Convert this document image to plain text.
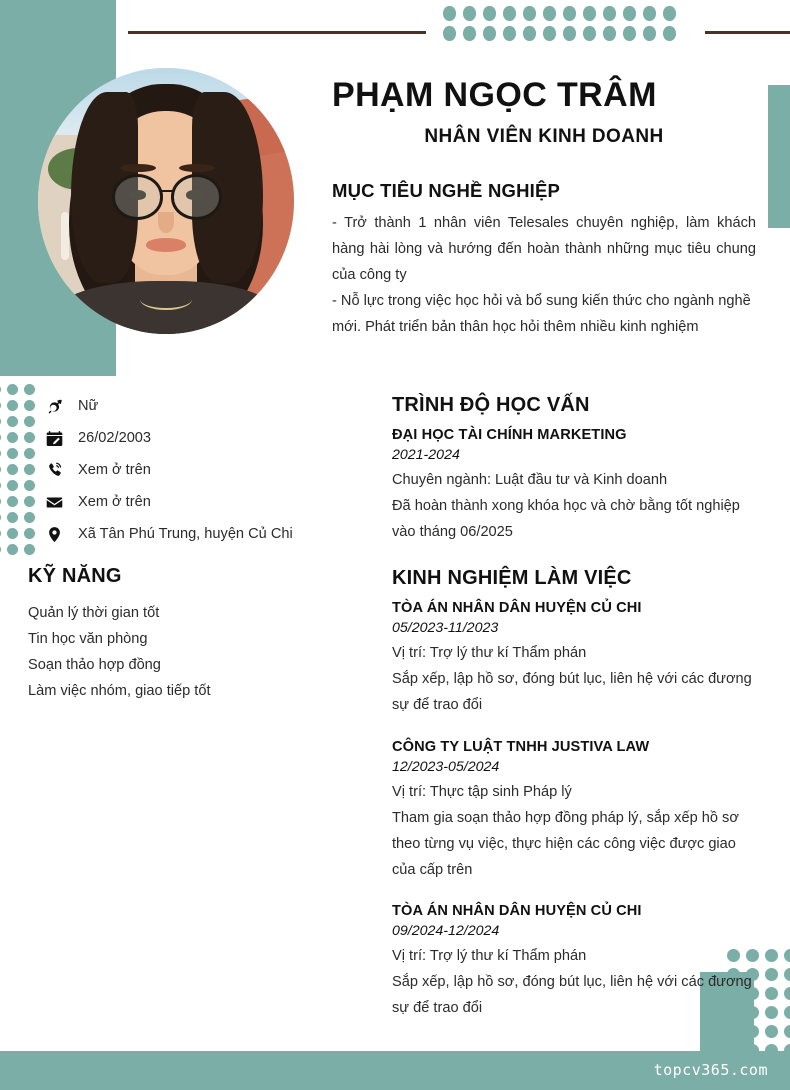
PHẠM NGỌC TRÂM
NHÂN VIÊN KINH DOANH
MỤC TIÊU NGHỀ NGHIỆP

- Trở thành 1 nhân viên Telesales chuyên nghiệp, làm khách hàng hài lòng và hướng đến hoàn thành những mục tiêu chung của công ty

- Nỗ lực trong việc học hỏi và bổ sung kiến thức cho ngành nghề mới. Phát triển bản thân học hỏi thêm nhiều kinh nghiệm

Nữ
26/02/2003
Xem ở trên
Xem ở trên
Xã Tân Phú Trung, huyện Củ Chi
KỸ NĂNG
Quản lý thời gian tốt
Tin học văn phòng
Soạn thảo hợp đồng
Làm việc nhóm, giao tiếp tốt
TRÌNH ĐỘ HỌC VẤN
ĐẠI HỌC TÀI CHÍNH MARKETING
2021-2024
Chuyên ngành: Luật đầu tư và Kinh doanh
Đã hoàn thành xong khóa học và chờ bằng tốt nghiệp vào tháng 06/2025
KINH NGHIỆM LÀM VIỆC
TÒA ÁN NHÂN DÂN HUYỆN CỦ CHI
05/2023-11/2023
Vị trí: Trợ lý thư kí Thẩm phán
Sắp xếp, lập hồ sơ, đóng bút lục, liên hệ với các đương sự để trao đổi
CÔNG TY LUẬT TNHH JUSTIVA LAW
12/2023-05/2024
Vị trí: Thực tập sinh Pháp lý
Tham gia soạn thảo hợp đồng pháp lý, sắp xếp hồ sơ theo từng vụ việc, thực hiện các công việc được giao của cấp trên
TÒA ÁN NHÂN DÂN HUYỆN CỦ CHI
09/2024-12/2024
Vị trí: Trợ lý thư kí Thẩm phán
Sắp xếp, lập hồ sơ, đóng bút lục, liên hệ với các đương sự để trao đổi
topcv365.com
